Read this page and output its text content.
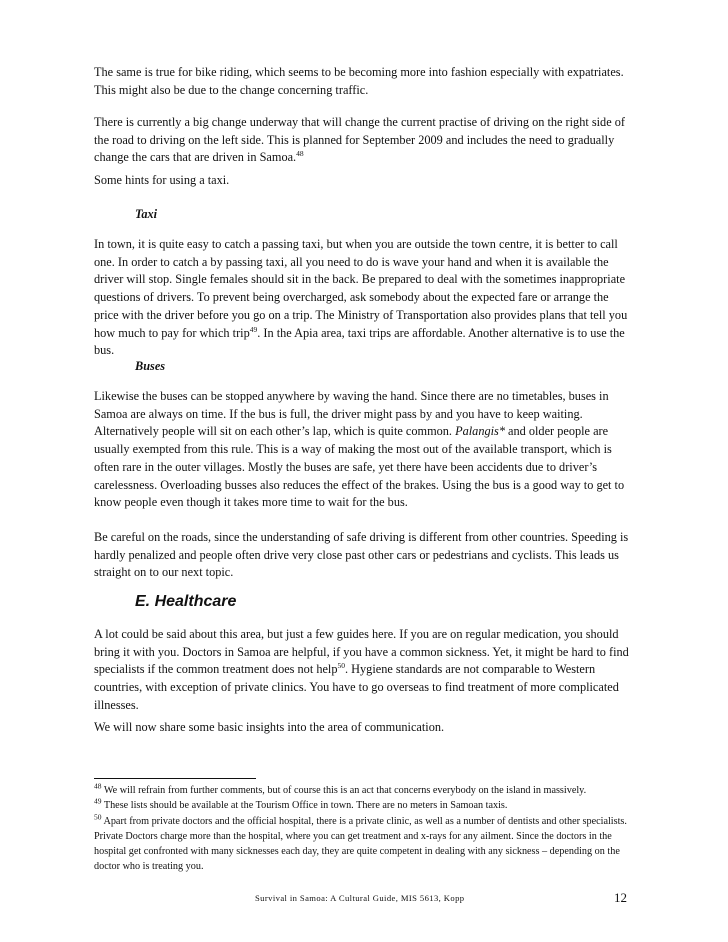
The same is true for bike riding, which seems to be becoming more into fashion especially with expatriates. This might also be due to the change concerning traffic.

There is currently a big change underway that will change the current practise of driving on the right side of the road to driving on the left side. This is planned for September 2009 and includes the need to gradually change the cars that are driven in Samoa.$^{48}$

Some hints for using a taxi.

Taxi

In town, it is quite easy to catch a passing taxi, but when you are outside the town centre, it is better to call one. In order to catch a by passing taxi, all you need to do is wave your hand and when it is available the driver will stop. Single females should sit in the back. Be prepared to deal with the sometimes inappropriate questions of drivers. To prevent being overcharged, ask somebody about the expected fare or arrange the price with the driver before you go on a trip. The Ministry of Transportation also provides plans that tell you how much to pay for which trip$^{49}$. In the Apia area, taxi trips are affordable. Another alternative is to use the bus.

Buses

Likewise the buses can be stopped anywhere by waving the hand. Since there are no timetables, buses in Samoa are always on time. If the bus is full, the driver might pass by and you have to keep waiting. Alternatively people will sit on each other’s lap, which is quite common. Palangis* and older people are usually exempted from this rule. This is a way of making the most out of the available transport, which is often rare in the outer villages. Mostly the buses are safe, yet there have been accidents due to driver’s carelessness. Overloading busses also reduces the effect of the brakes. Using the bus is a good way to get to know people even though it takes more time to wait for the bus.

Be careful on the roads, since the understanding of safe driving is different from other countries. Speeding is hardly penalized and people often drive very close past other cars or pedestrians and cyclists. This leads us straight on to our next topic.

E. Healthcare

A lot could be said about this area, but just a few guides here. If you are on regular medication, you should bring it with you. Doctors in Samoa are helpful, if you have a common sickness. Yet, it might be hard to find specialists if the common treatment does not help$^{50}$. Hygiene standards are not comparable to Western countries, with exception of private clinics. You have to go overseas to find treatment of more complicated illnesses.

We will now share some basic insights into the area of communication.

$^{48}$ We will refrain from further comments, but of course this is an act that concerns everybody on the island in massively.

$^{49}$ These lists should be available at the Tourism Office in town. There are no meters in Samoan taxis.

$^{50}$ Apart from private doctors and the official hospital, there is a private clinic, as well as a number of dentists and other specialists. Private Doctors charge more than the hospital, where you can get treatment and x-rays for any ailment. Since the doctors in the hospital get confronted with many sicknesses each day, they are quite competent in dealing with any sickness – depending on the doctor who is treating you.

Survival in Samoa: A Cultural Guide, MIS 5613, Kopp	12
